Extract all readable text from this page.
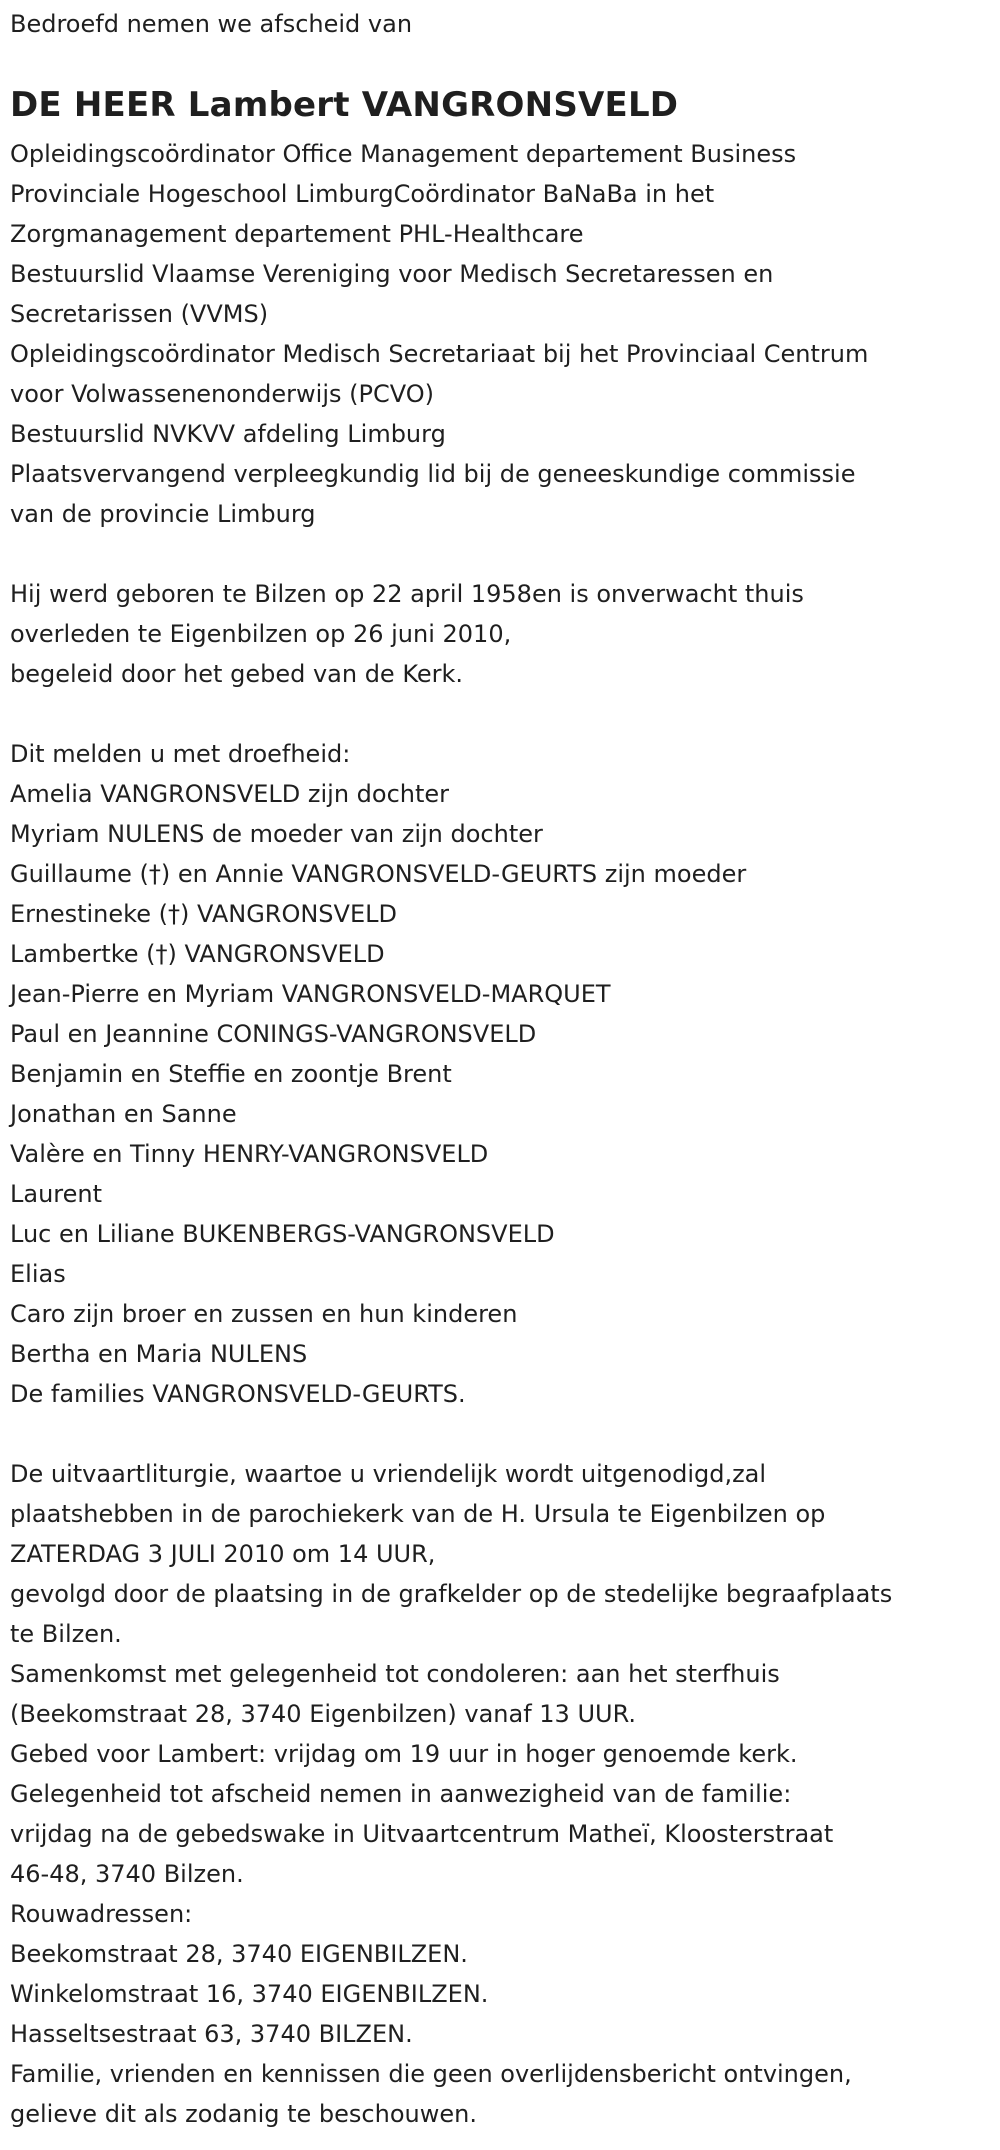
Bedroefd nemen we afscheid van
DE HEER Lambert VANGRONSVELD
Opleidingscoördinator Office Management departement Business
Provinciale Hogeschool LimburgCoördinator BaNaBa in het
Zorgmanagement departement PHL-Healthcare
Bestuurslid Vlaamse Vereniging voor Medisch Secretaressen en
Secretarissen (VVMS)
Opleidingscoördinator Medisch Secretariaat bij het Provinciaal Centrum
voor Volwassenenonderwijs (PCVO)
Bestuurslid NVKVV afdeling Limburg
Plaatsvervangend verpleegkundig lid bij de geneeskundige commissie
van de provincie Limburg
Hij werd geboren te Bilzen op 22 april 1958en is onverwacht thuis
overleden te Eigenbilzen op 26 juni 2010,
begeleid door het gebed van de Kerk.
Dit melden u met droefheid:
Amelia VANGRONSVELD zijn dochter
Myriam NULENS de moeder van zijn dochter
Guillaume (†) en Annie VANGRONSVELD-GEURTS zijn moeder
Ernestineke (†) VANGRONSVELD
Lambertke (†) VANGRONSVELD
Jean-Pierre en Myriam VANGRONSVELD-MARQUET
Paul en Jeannine CONINGS-VANGRONSVELD
Benjamin en Steffie en zoontje Brent
Jonathan en Sanne
Valère en Tinny HENRY-VANGRONSVELD
Laurent
Luc en Liliane BUKENBERGS-VANGRONSVELD
Elias
Caro zijn broer en zussen en hun kinderen
Bertha en Maria NULENS
De families VANGRONSVELD-GEURTS.
De uitvaartliturgie, waartoe u vriendelijk wordt uitgenodigd,zal
plaatshebben in de parochiekerk van de H. Ursula te Eigenbilzen op
ZATERDAG 3 JULI 2010 om 14 UUR,
gevolgd door de plaatsing in de grafkelder op de stedelijke begraafplaats
te Bilzen.
Samenkomst met gelegenheid tot condoleren: aan het sterfhuis
(Beekomstraat 28, 3740 Eigenbilzen) vanaf 13 UUR.
Gebed voor Lambert: vrijdag om 19 uur in hoger genoemde kerk.
Gelegenheid tot afscheid nemen in aanwezigheid van de familie:
vrijdag na de gebedswake in Uitvaartcentrum Matheï, Kloosterstraat
46-48, 3740 Bilzen.
Rouwadressen:
Beekomstraat 28, 3740 EIGENBILZEN.
Winkelomstraat 16, 3740 EIGENBILZEN.
Hasseltsestraat 63, 3740 BILZEN.
Familie, vrienden en kennissen die geen overlijdensbericht ontvingen,
gelieve dit als zodanig te beschouwen.
